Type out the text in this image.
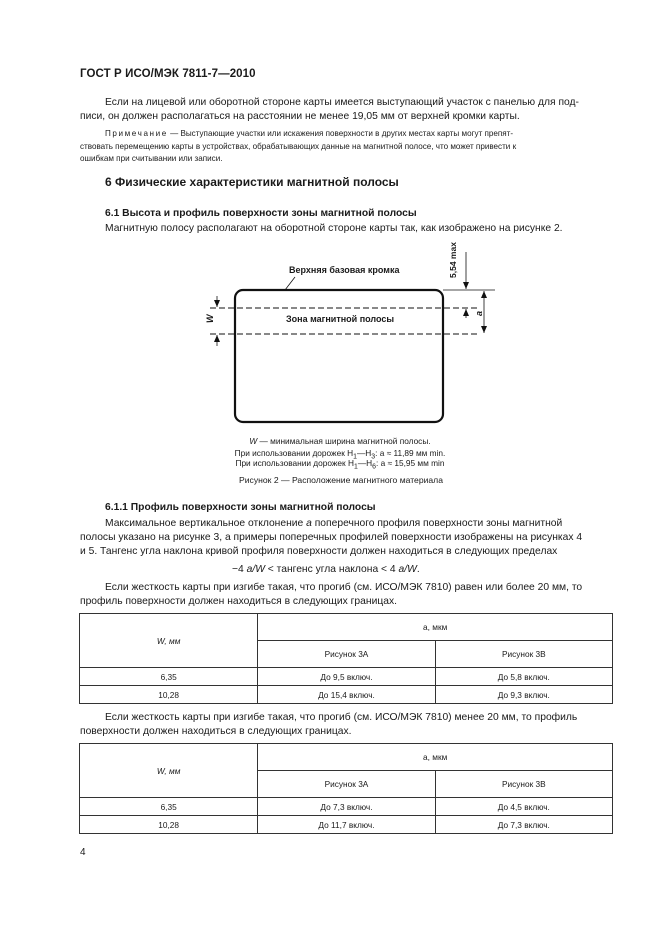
ГОСТ Р ИСО/МЭК 7811-7—2010
Если на лицевой или оборотной стороне карты имеется выступающий участок с панелью для под-
писи, он должен располагаться на расстоянии не менее 19,05 мм от верхней кромки карты.
Примечание — Выступающие участки или искажения поверхности в других местах карты могут препят-
ствовать перемещению карты в устройствах, обрабатывающих данные на магнитной полосе, что может привести к
ошибкам при считывании или записи.
6 Физические характеристики магнитной полосы
6.1 Высота и профиль поверхности зоны магнитной полосы
Магнитную полосу располагают на оборотной стороне карты так, как изображено на рисунке 2.
Верхняя базовая кромка
Зона магнитной полосы
5,54 max
W
a
W — минимальная ширина магнитной полосы.
При использовании дорожек $H_1—H_3$: a ≈ 11,89 мм min.
При использовании дорожек $H_1—H_6$: a ≈ 15,95 мм min
Рисунок 2 — Расположение магнитного материала
6.1.1 Профиль поверхности зоны магнитной полосы
Максимальное вертикальное отклонение a поперечного профиля поверхности зоны магнитной
полосы указано на рисунке 3, а примеры поперечных профилей поверхности изображены на рисунках 4
и 5. Тангенс угла наклона кривой профиля поверхности должен находиться в следующих пределах
−4 a/W < тангенс угла наклона < 4 a/W.
Если жесткость карты при изгибе такая, что прогиб (см. ИСО/МЭК 7810) равен или более 20 мм, то
профиль поверхности должен находиться в следующих границах.
W, мм	a, мкм	
	Рисунок 3А	Рисунок 3В
6,35	До 9,5 включ.	До 5,8 включ.
10,28	До 15,4 включ.	До 9,3 включ.
Если жесткость карты при изгибе такая, что прогиб (см. ИСО/МЭК 7810) менее 20 мм, то профиль
поверхности должен находиться в следующих границах.
W, мм	a, мкм	
	Рисунок 3А	Рисунок 3В
6,35	До 7,3 включ.	До 4,5 включ.
10,28	До 11,7 включ.	До 7,3 включ.
4
